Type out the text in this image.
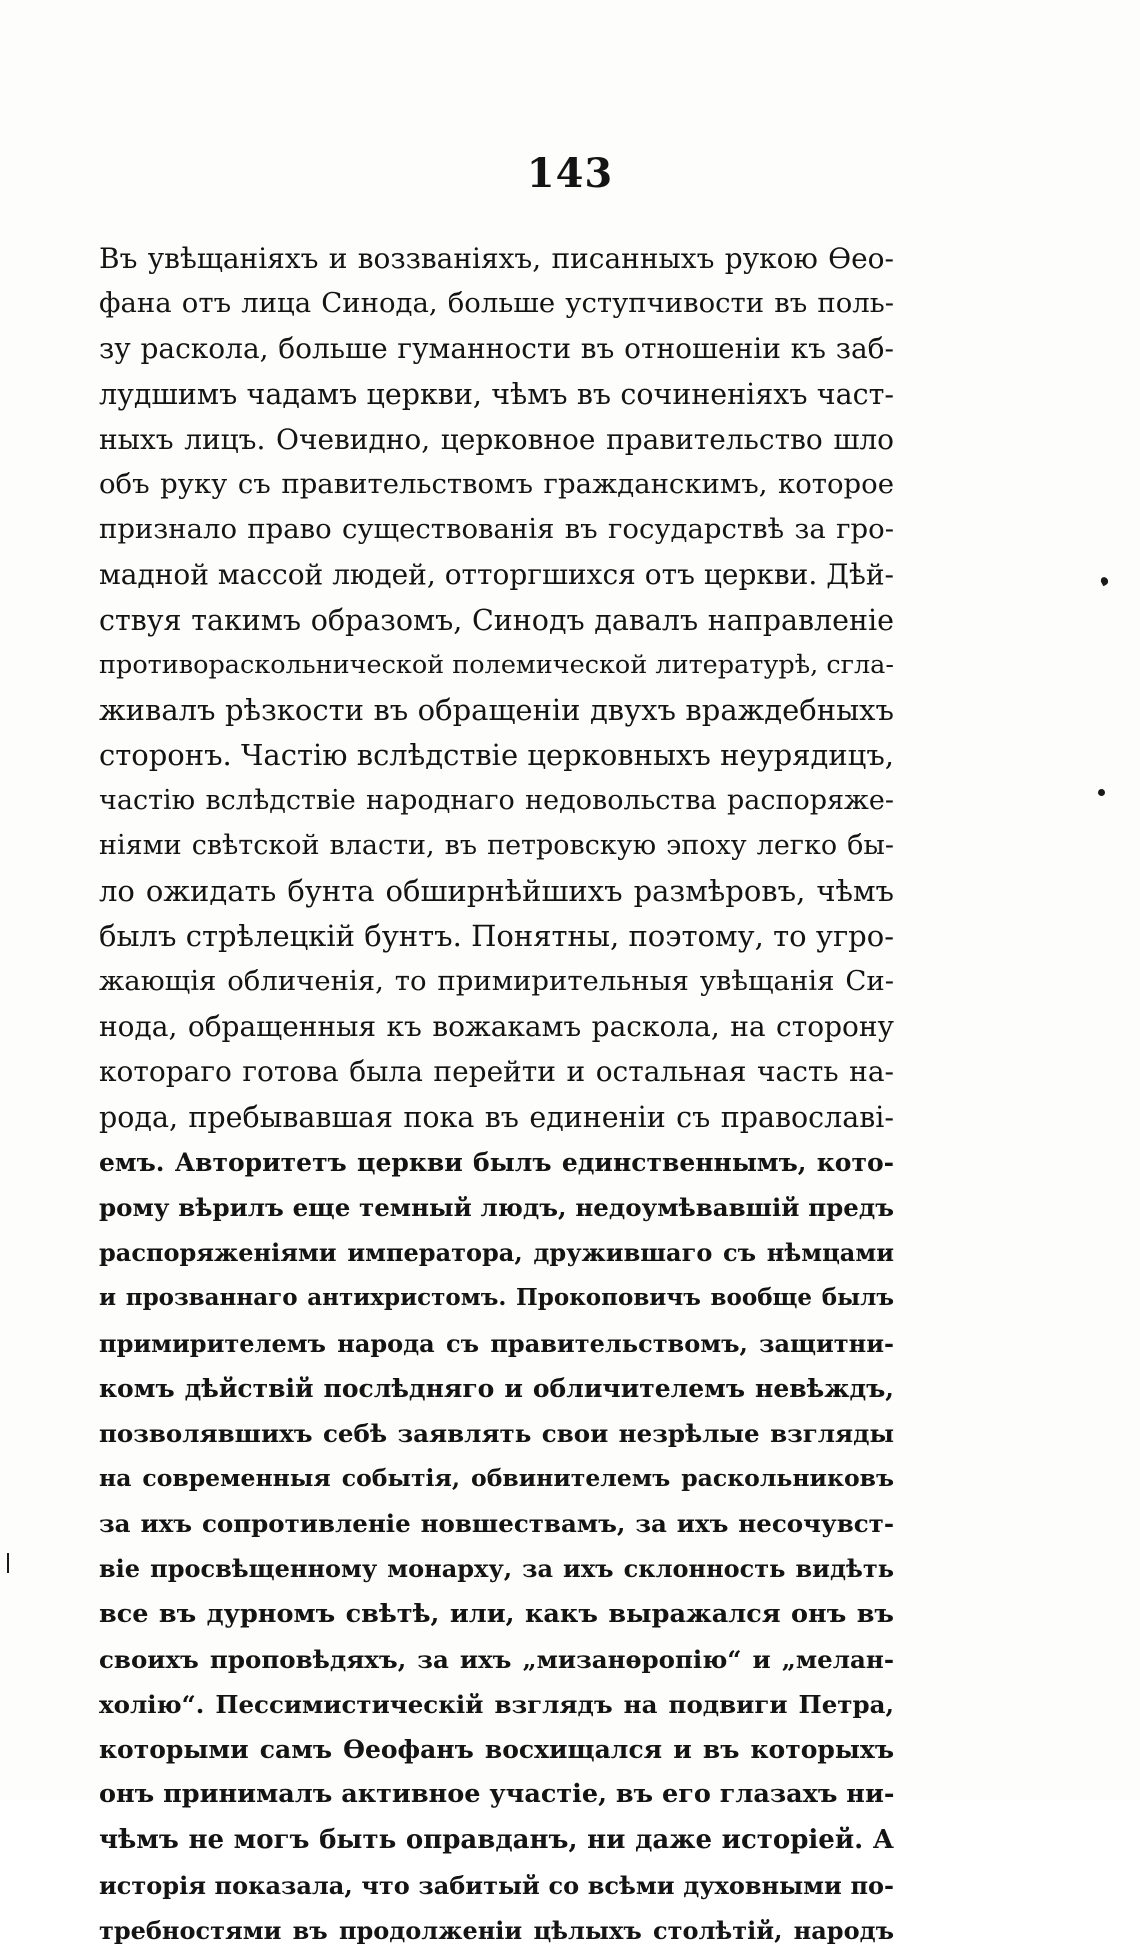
143
Въ увѣщаніяхъ и воззваніяхъ, писанныхъ рукою Ѳео-
фана отъ лица Синода, больше уступчивости въ поль-
зу раскола, больше гуманности въ отношеніи къ заб-
лудшимъ чадамъ церкви, чѣмъ въ сочиненіяхъ част-
ныхъ лицъ. Очевидно, церковное правительство шло
объ руку съ правительствомъ гражданскимъ, которое
признало право существованія въ государствѣ за гро-
мадной массой людей, отторгшихся отъ церкви. Дѣй-
ствуя такимъ образомъ, Синодъ давалъ направленіе
противораскольнической полемической литературѣ, сгла-
живалъ рѣзкости въ обращеніи двухъ враждебныхъ
сторонъ. Частію вслѣдствіе церковныхъ неурядицъ,
частію вслѣдствіе народнаго недовольства распоряже-
ніями свѣтской власти, въ петровскую эпоху легко бы-
ло ожидать бунта обширнѣйшихъ размѣровъ, чѣмъ
былъ стрѣлецкій бунтъ. Понятны, поэтому, то угро-
жающія обличенія, то примирительныя увѣщанія Си-
нода, обращенныя къ вожакамъ раскола, на сторону
котораго готова была перейти и остальная часть на-
рода, пребывавшая пока въ единеніи съ православі-
емъ. Авторитетъ церкви былъ единственнымъ, кото-
рому вѣрилъ еще темный людъ, недоумѣвавшій предъ
распоряженіями императора, дружившаго съ нѣмцами
и прозваннаго антихристомъ. Прокоповичъ вообще былъ
примирителемъ народа съ правительствомъ, защитни-
комъ дѣйствій послѣдняго и обличителемъ невѣждъ,
позволявшихъ себѣ заявлять свои незрѣлые взгляды
на современныя событія, обвинителемъ раскольниковъ
за ихъ сопротивленіе новшествамъ, за ихъ несочувст-
віе просвѣщенному монарху, за ихъ склонность видѣть
все въ дурномъ свѣтѣ, или, какъ выражался онъ въ
своихъ проповѣдяхъ, за ихъ „мизанѳропію“ и „мелан-
холію“. Пессимистическій взглядъ на подвиги Петра,
которыми самъ Ѳеофанъ восхищался и въ которыхъ
онъ принималъ активное участіе, въ его глазахъ ни-
чѣмъ не могъ быть оправданъ, ни даже исторіей. А
исторія показала, что забитый со всѣми духовными по-
требностями въ продолженіи цѣлыхъ столѣтій, народъ
